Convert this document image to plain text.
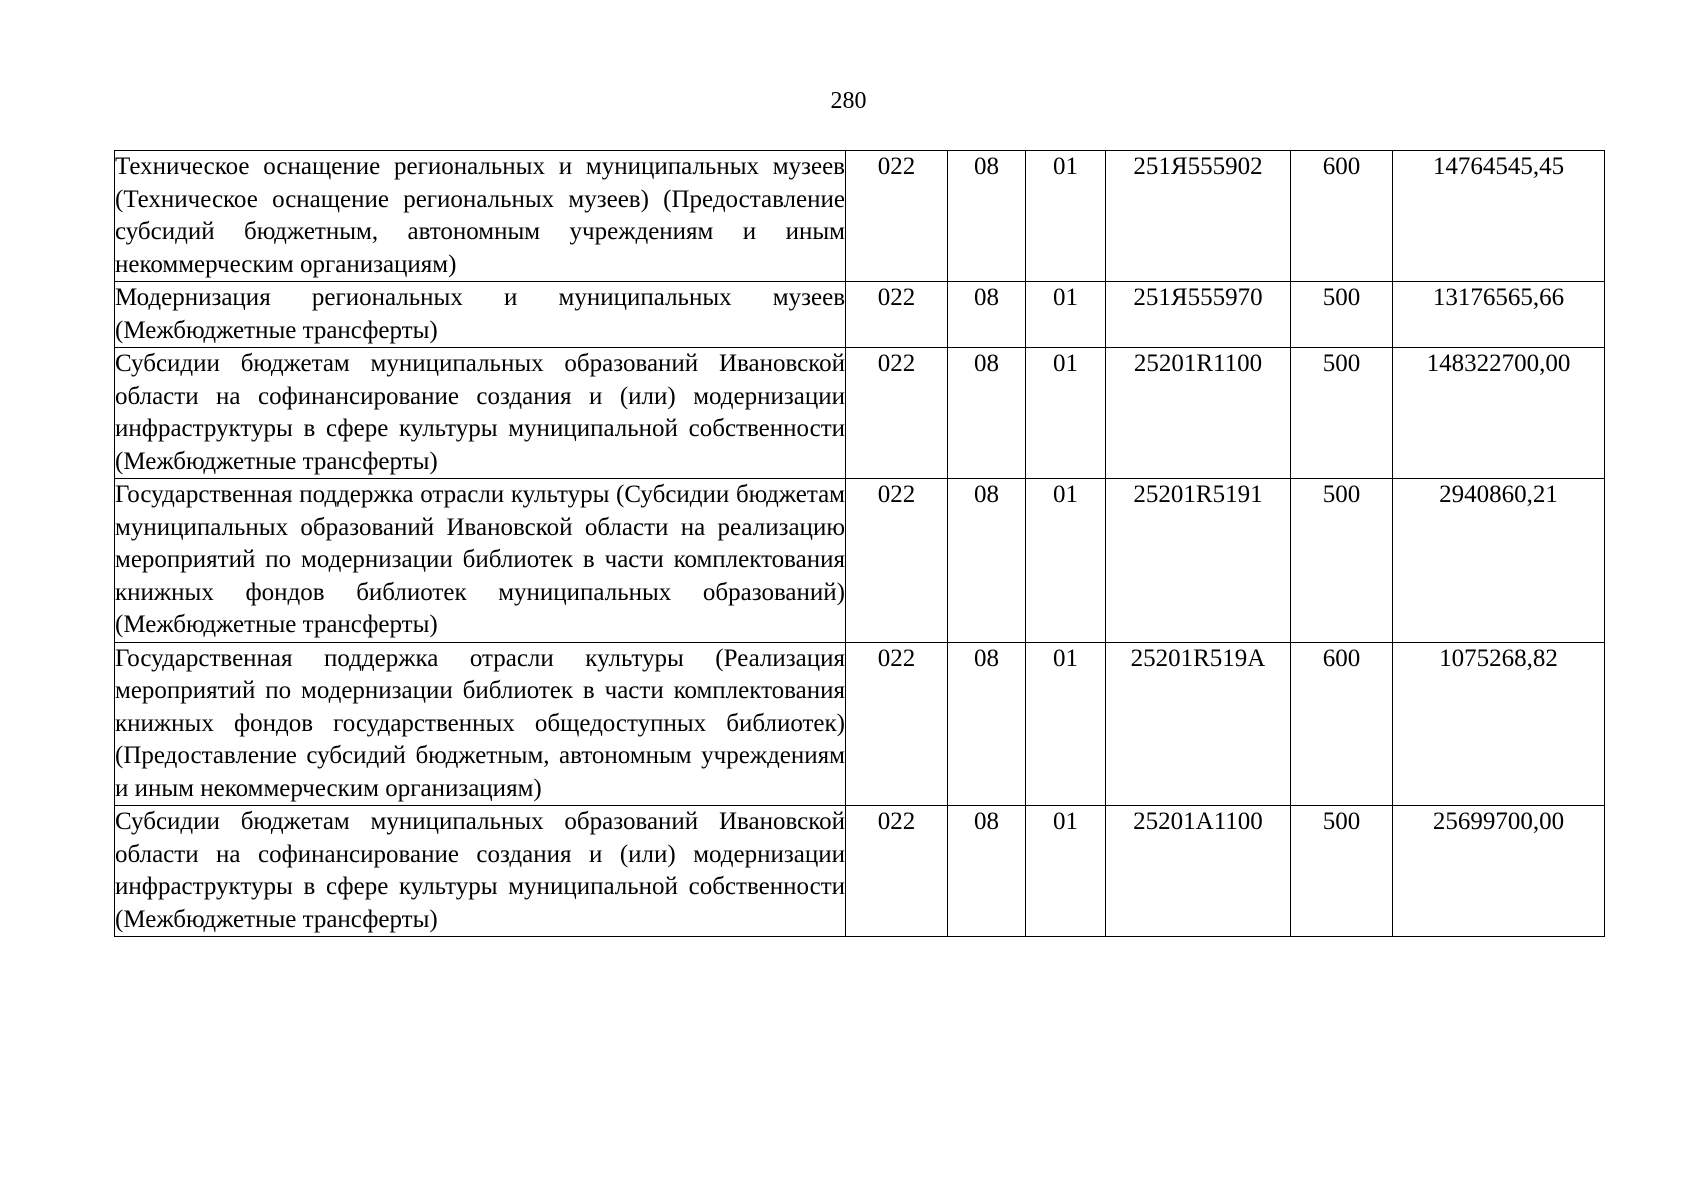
280
Техническое оснащение региональных и муниципальных музеев (Техническое оснащение региональных музеев) (Предоставление субсидий бюджетным, автономным учреждениям и иным некоммерческим организациям)	022	08	01	251Я555902	600	14764545,45
Модернизация региональных и муниципальных музеев (Межбюджетные трансферты)	022	08	01	251Я555970	500	13176565,66
Субсидии бюджетам муниципальных образований Ивановской области на софинансирование создания и (или) модернизации инфраструктуры в сфере культуры муниципальной собственности (Межбюджетные трансферты)	022	08	01	25201R1100	500	148322700,00
Государственная поддержка отрасли культуры (Субсидии бюджетам муниципальных образований Ивановской области на реализацию мероприятий по модернизации библиотек в части комплектования книжных фондов библиотек муниципальных образований) (Межбюджетные трансферты)	022	08	01	25201R5191	500	2940860,21
Государственная поддержка отрасли культуры (Реализация мероприятий по модернизации библиотек в части комплектования книжных фондов государственных общедоступных библиотек) (Предоставление субсидий бюджетным, автономным учреждениям и иным некоммерческим организациям)	022	08	01	25201R519A	600	1075268,82
Субсидии бюджетам муниципальных образований Ивановской области на софинансирование создания и (или) модернизации инфраструктуры в сфере культуры муниципальной собственности (Межбюджетные трансферты)	022	08	01	25201A1100	500	25699700,00
